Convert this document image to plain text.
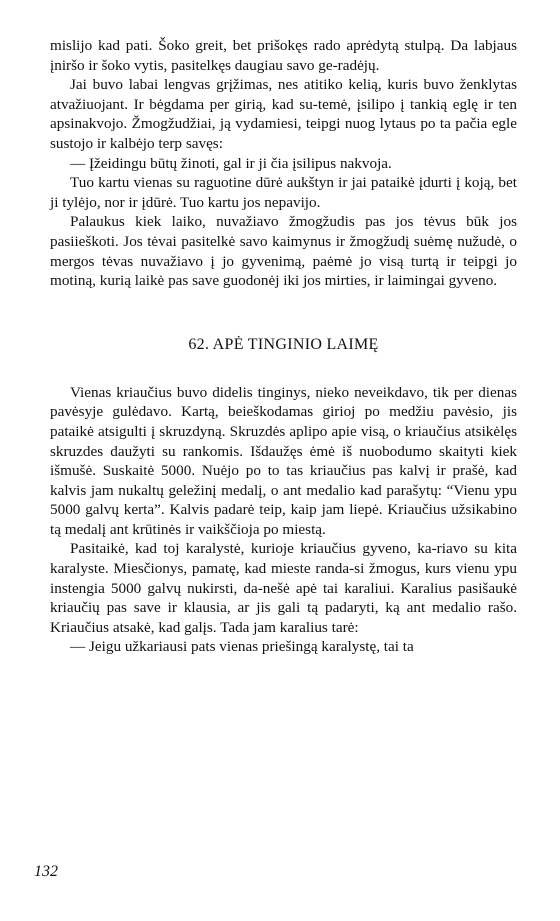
mislijo kad pati. Šoko greit, bet prišokęs rado aprėdytą stulpą. Da labjaus įniršo ir šoko vytis, pasitelkęs daugiau savo ge-radėjų.

Jai buvo labai lengvas grįžimas, nes atitiko kelią, kuris buvo ženklytas atvažiuojant. Ir bėgdama per girią, kad su-temė, įsilipo į tankią eglę ir ten apsinakvojo. Žmogžudžiai, ją vydamiesi, teipgi nuog lytaus po ta pačia egle sustojo ir kalbėjo terp savęs:

— Įžeidingu būtų žinoti, gal ir ji čia įsilipus nakvoja.

Tuo kartu vienas su raguotine dūrė aukštyn ir jai pataikė įdurti į koją, bet ji tylėjo, nor ir įdūrė. Tuo kartu jos nepavijo.

Palaukus kiek laiko, nuvažiavo žmogžudis pas jos tėvus būk jos pasiieškoti. Jos tėvai pasitelkė savo kaimynus ir žmogžudį suėmę nužudė, o mergos tėvas nuvažiavo į jo gyvenimą, paėmė jo visą turtą ir teipgi jo motiną, kurią laikė pas save guodonėj iki jos mirties, ir laimingai gyveno.

62. APĖ TINGINIO LAIMĘ

Vienas kriaučius buvo didelis tinginys, nieko neveikdavo, tik per dienas pavėsyje gulėdavo. Kartą, beieškodamas girioj po medžiu pavėsio, jis pataikė atsigulti į skruzdyną. Skruzdės aplipo apie visą, o kriaučius atsikėlęs skruzdes daužyti su rankomis. Išdaužęs ėmė iš nuobodumo skaityti kiek išmušė. Suskaitė 5000. Nuėjo po to tas kriaučius pas kalvį ir prašė, kad kalvis jam nukaltų geležinį medalį, o ant medalio kad parašytų: “Vienu ypu 5000 galvų kerta”. Kalvis padarė teip, kaip jam liepė. Kriaučius užsikabino tą medalį ant krūtinės ir vaikščioja po miestą.

Pasitaikė, kad toj karalystė, kurioje kriaučius gyveno, ka-riavo su kita karalyste. Miesčionys, pamatę, kad mieste randa-si žmogus, kurs vienu ypu instengia 5000 galvų nukirsti, da-nešė apė tai karaliui. Karalius pasišaukė kriaučių pas save ir klausia, ar jis gali tą padaryti, ką ant medalio rašo. Kriaučius atsakė, kad galįs. Tada jam karalius tarė:

— Jeigu užkariausi pats vienas priešingą karalystę, tai ta

132
